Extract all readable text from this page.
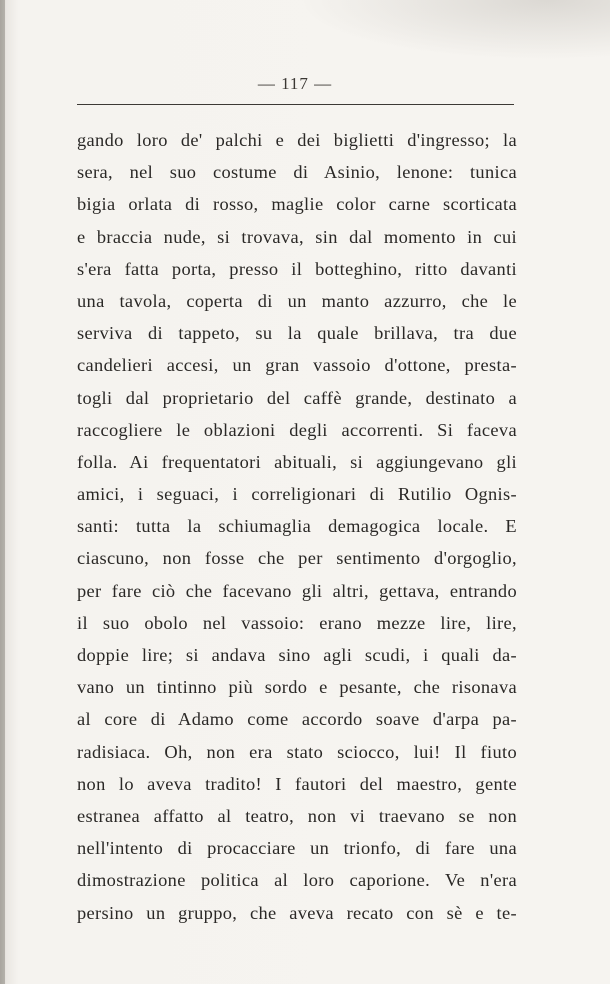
— 117 —
gando loro de' palchi e dei biglietti d'ingresso; la
sera, nel suo costume di Asinio, lenone: tunica
bigia orlata di rosso, maglie color carne scorticata
e braccia nude, si trovava, sin dal momento in cui
s'era fatta porta, presso il botteghino, ritto davanti
una tavola, coperta di un manto azzurro, che le
serviva di tappeto, su la quale brillava, tra due
candelieri accesi, un gran vassoio d'ottone, presta-
togli dal proprietario del caffè grande, destinato a
raccogliere le oblazioni degli accorrenti. Si faceva
folla. Ai frequentatori abituali, si aggiungevano gli
amici, i seguaci, i correligionari di Rutilio Ognis-
santi: tutta la schiumaglia demagogica locale. E
ciascuno, non fosse che per sentimento d'orgoglio,
per fare ciò che facevano gli altri, gettava, entrando
il suo obolo nel vassoio: erano mezze lire, lire,
doppie lire; si andava sino agli scudi, i quali da-
vano un tintinno più sordo e pesante, che risonava
al core di Adamo come accordo soave d'arpa pa-
radisiaca. Oh, non era stato sciocco, lui! Il fiuto
non lo aveva tradito! I fautori del maestro, gente
estranea affatto al teatro, non vi traevano se non
nell'intento di procacciare un trionfo, di fare una
dimostrazione politica al loro caporione. Ve n'era
persino un gruppo, che aveva recato con sè e te-
